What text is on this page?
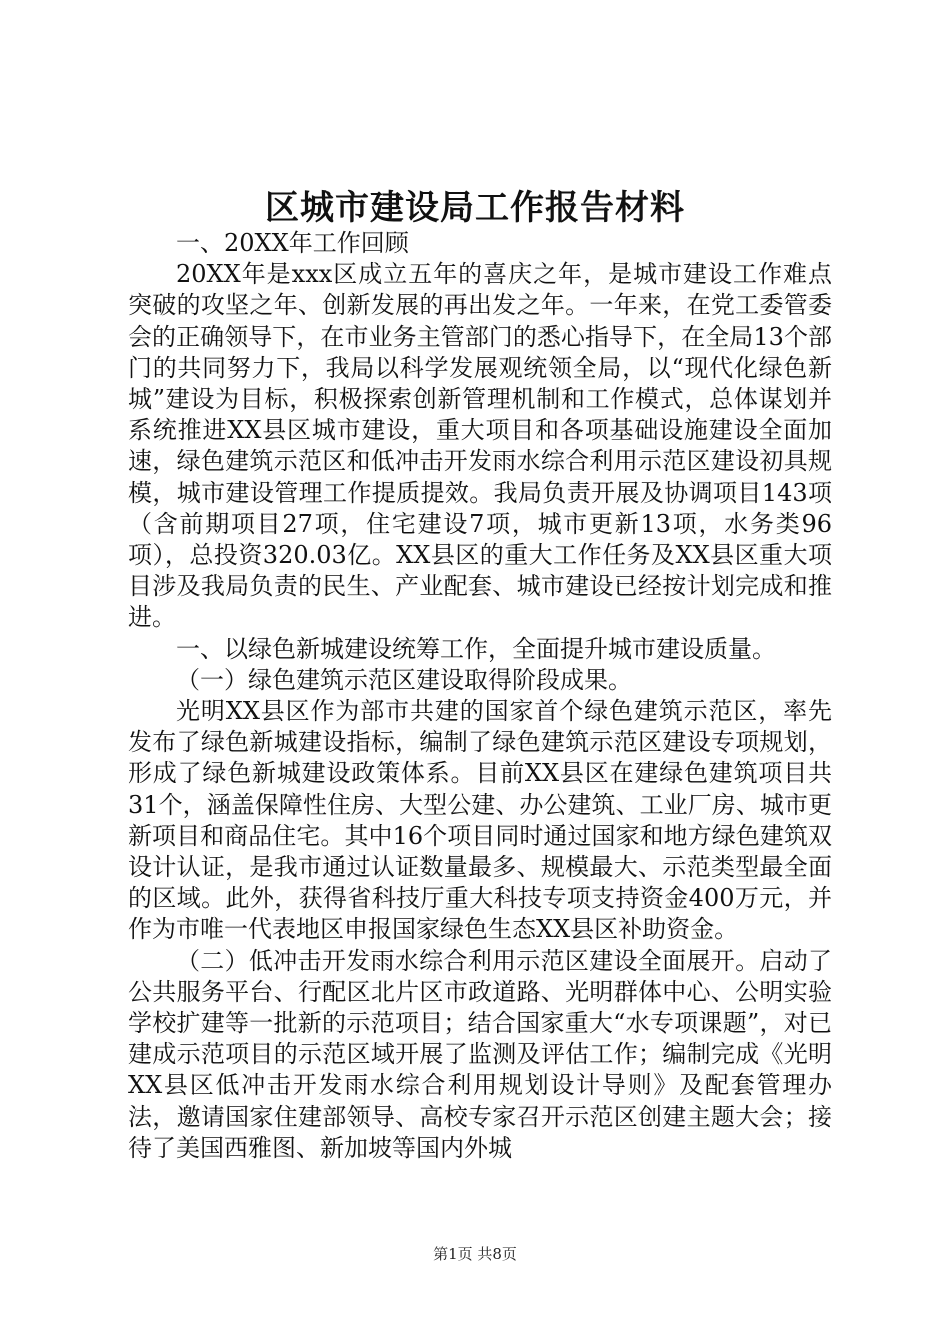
区城市建设局工作报告材料

一、20XX年工作回顾

20XX年是xxx区成立五年的喜庆之年，是城市建设工作难点突破的攻坚之年、创新发展的再出发之年。一年来，在党工委管委会的正确领导下，在市业务主管部门的悉心指导下，在全局13个部门的共同努力下，我局以科学发展观统领全局，以“现代化绿色新城”建设为目标，积极探索创新管理机制和工作模式，总体谋划并系统推进XX县区城市建设，重大项目和各项基础设施建设全面加速，绿色建筑示范区和低冲击开发雨水综合利用示范区建设初具规模，城市建设管理工作提质提效。我局负责开展及协调项目143项（含前期项目27项，住宅建设7项，城市更新13项，水务类96项），总投资320.03亿。XX县区的重大工作任务及XX县区重大项目涉及我局负责的民生、产业配套、城市建设已经按计划完成和推进。

一、以绿色新城建设统筹工作，全面提升城市建设质量。

（一）绿色建筑示范区建设取得阶段成果。

光明XX县区作为部市共建的国家首个绿色建筑示范区，率先发布了绿色新城建设指标，编制了绿色建筑示范区建设专项规划，形成了绿色新城建设政策体系。目前XX县区在建绿色建筑项目共31个，涵盖保障性住房、大型公建、办公建筑、工业厂房、城市更新项目和商品住宅。其中16个项目同时通过国家和地方绿色建筑双设计认证，是我市通过认证数量最多、规模最大、示范类型最全面的区域。此外，获得省科技厅重大科技专项支持资金400万元，并作为市唯一代表地区申报国家绿色生态XX县区补助资金。

（二）低冲击开发雨水综合利用示范区建设全面展开。启动了公共服务平台、行配区北片区市政道路、光明群体中心、公明实验学校扩建等一批新的示范项目；结合国家重大“水专项课题”，对已建成示范项目的示范区域开展了监测及评估工作；编制完成《光明XX县区低冲击开发雨水综合利用规划设计导则》及配套管理办法，邀请国家住建部领导、高校专家召开示范区创建主题大会；接待了美国西雅图、新加坡等国内外城

第1页 共8页
